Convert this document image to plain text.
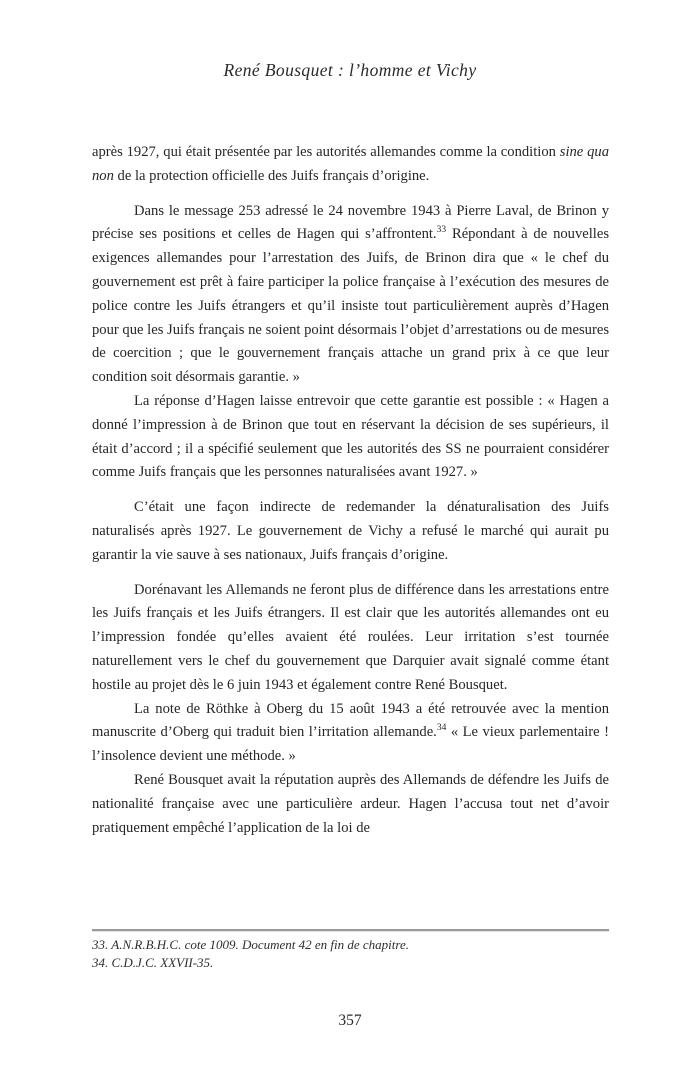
René Bousquet : l’homme et Vichy

après 1927, qui était présentée par les autorités allemandes comme la condition sine qua non de la protection officielle des Juifs français d’origine.

Dans le message 253 adressé le 24 novembre 1943 à Pierre Laval, de Brinon y précise ses positions et celles de Hagen qui s’affrontent.$^{33}$ Répondant à de nouvelles exigences allemandes pour l’arrestation des Juifs, de Brinon dira que « le chef du gouvernement est prêt à faire participer la police française à l’exécution des mesures de police contre les Juifs étrangers et qu’il insiste tout particulièrement auprès d’Hagen pour que les Juifs français ne soient point désormais l’objet d’arrestations ou de mesures de coercition ; que le gouvernement français attache un grand prix à ce que leur condition soit désormais garantie. »

La réponse d’Hagen laisse entrevoir que cette garantie est possible : « Hagen a donné l’impression à de Brinon que tout en réservant la décision de ses supérieurs, il était d’accord ; il a spécifié seulement que les autorités des SS ne pourraient considérer comme Juifs français que les personnes naturalisées avant 1927. »

C’était une façon indirecte de redemander la dénaturalisation des Juifs naturalisés après 1927. Le gouvernement de Vichy a refusé le marché qui aurait pu garantir la vie sauve à ses nationaux, Juifs français d’origine.

Dorénavant les Allemands ne feront plus de différence dans les arrestations entre les Juifs français et les Juifs étrangers. Il est clair que les autorités allemandes ont eu l’impression fondée qu’elles avaient été roulées. Leur irritation s’est tournée naturellement vers le chef du gouvernement que Darquier avait signalé comme étant hostile au projet dès le 6 juin 1943 et également contre René Bousquet.

La note de Röthke à Oberg du 15 août 1943 a été retrouvée avec la mention manuscrite d’Oberg qui traduit bien l’irritation allemande.$^{34}$ « Le vieux parlementaire ! l’insolence devient une méthode. »

René Bousquet avait la réputation auprès des Allemands de défendre les Juifs de nationalité française avec une particulière ardeur. Hagen l’accusa tout net d’avoir pratiquement empêché l’application de la loi de

33. A.N.R.B.H.C. cote 1009. Document 42 en fin de chapitre.

34. C.D.J.C. XXVII-35.

357
